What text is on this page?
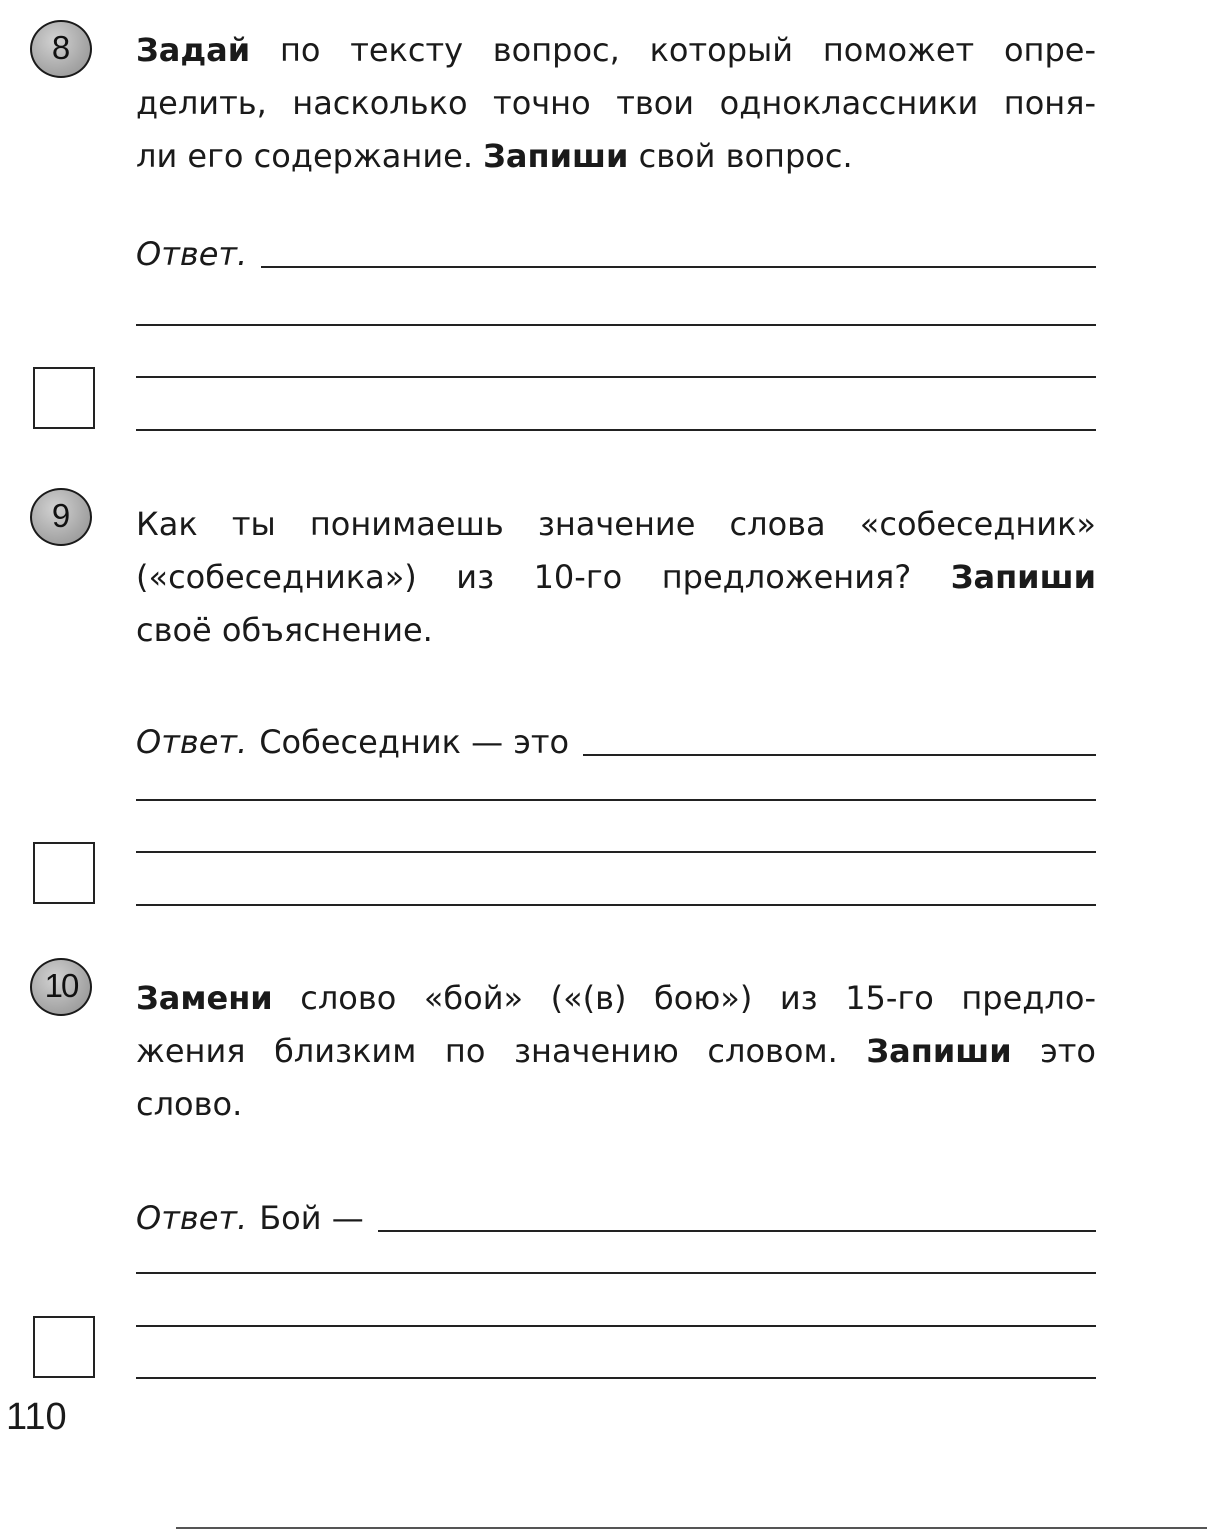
8	Задай по тексту вопрос, который поможет опре-
делить, насколько точно твои одноклассники поня-
ли его содержание. Запиши свой вопрос.
Ответ.
9	Как ты понимаешь значение слова «собеседник»
(«собеседника») из 10-го предложения? Запиши
своё объяснение.
Ответ. Собеседник — это
10	Замени слово «бой» («(в) бою») из 15-го предло-
жения близким по значению словом. Запиши это
слово.
Ответ. Бой —
110
